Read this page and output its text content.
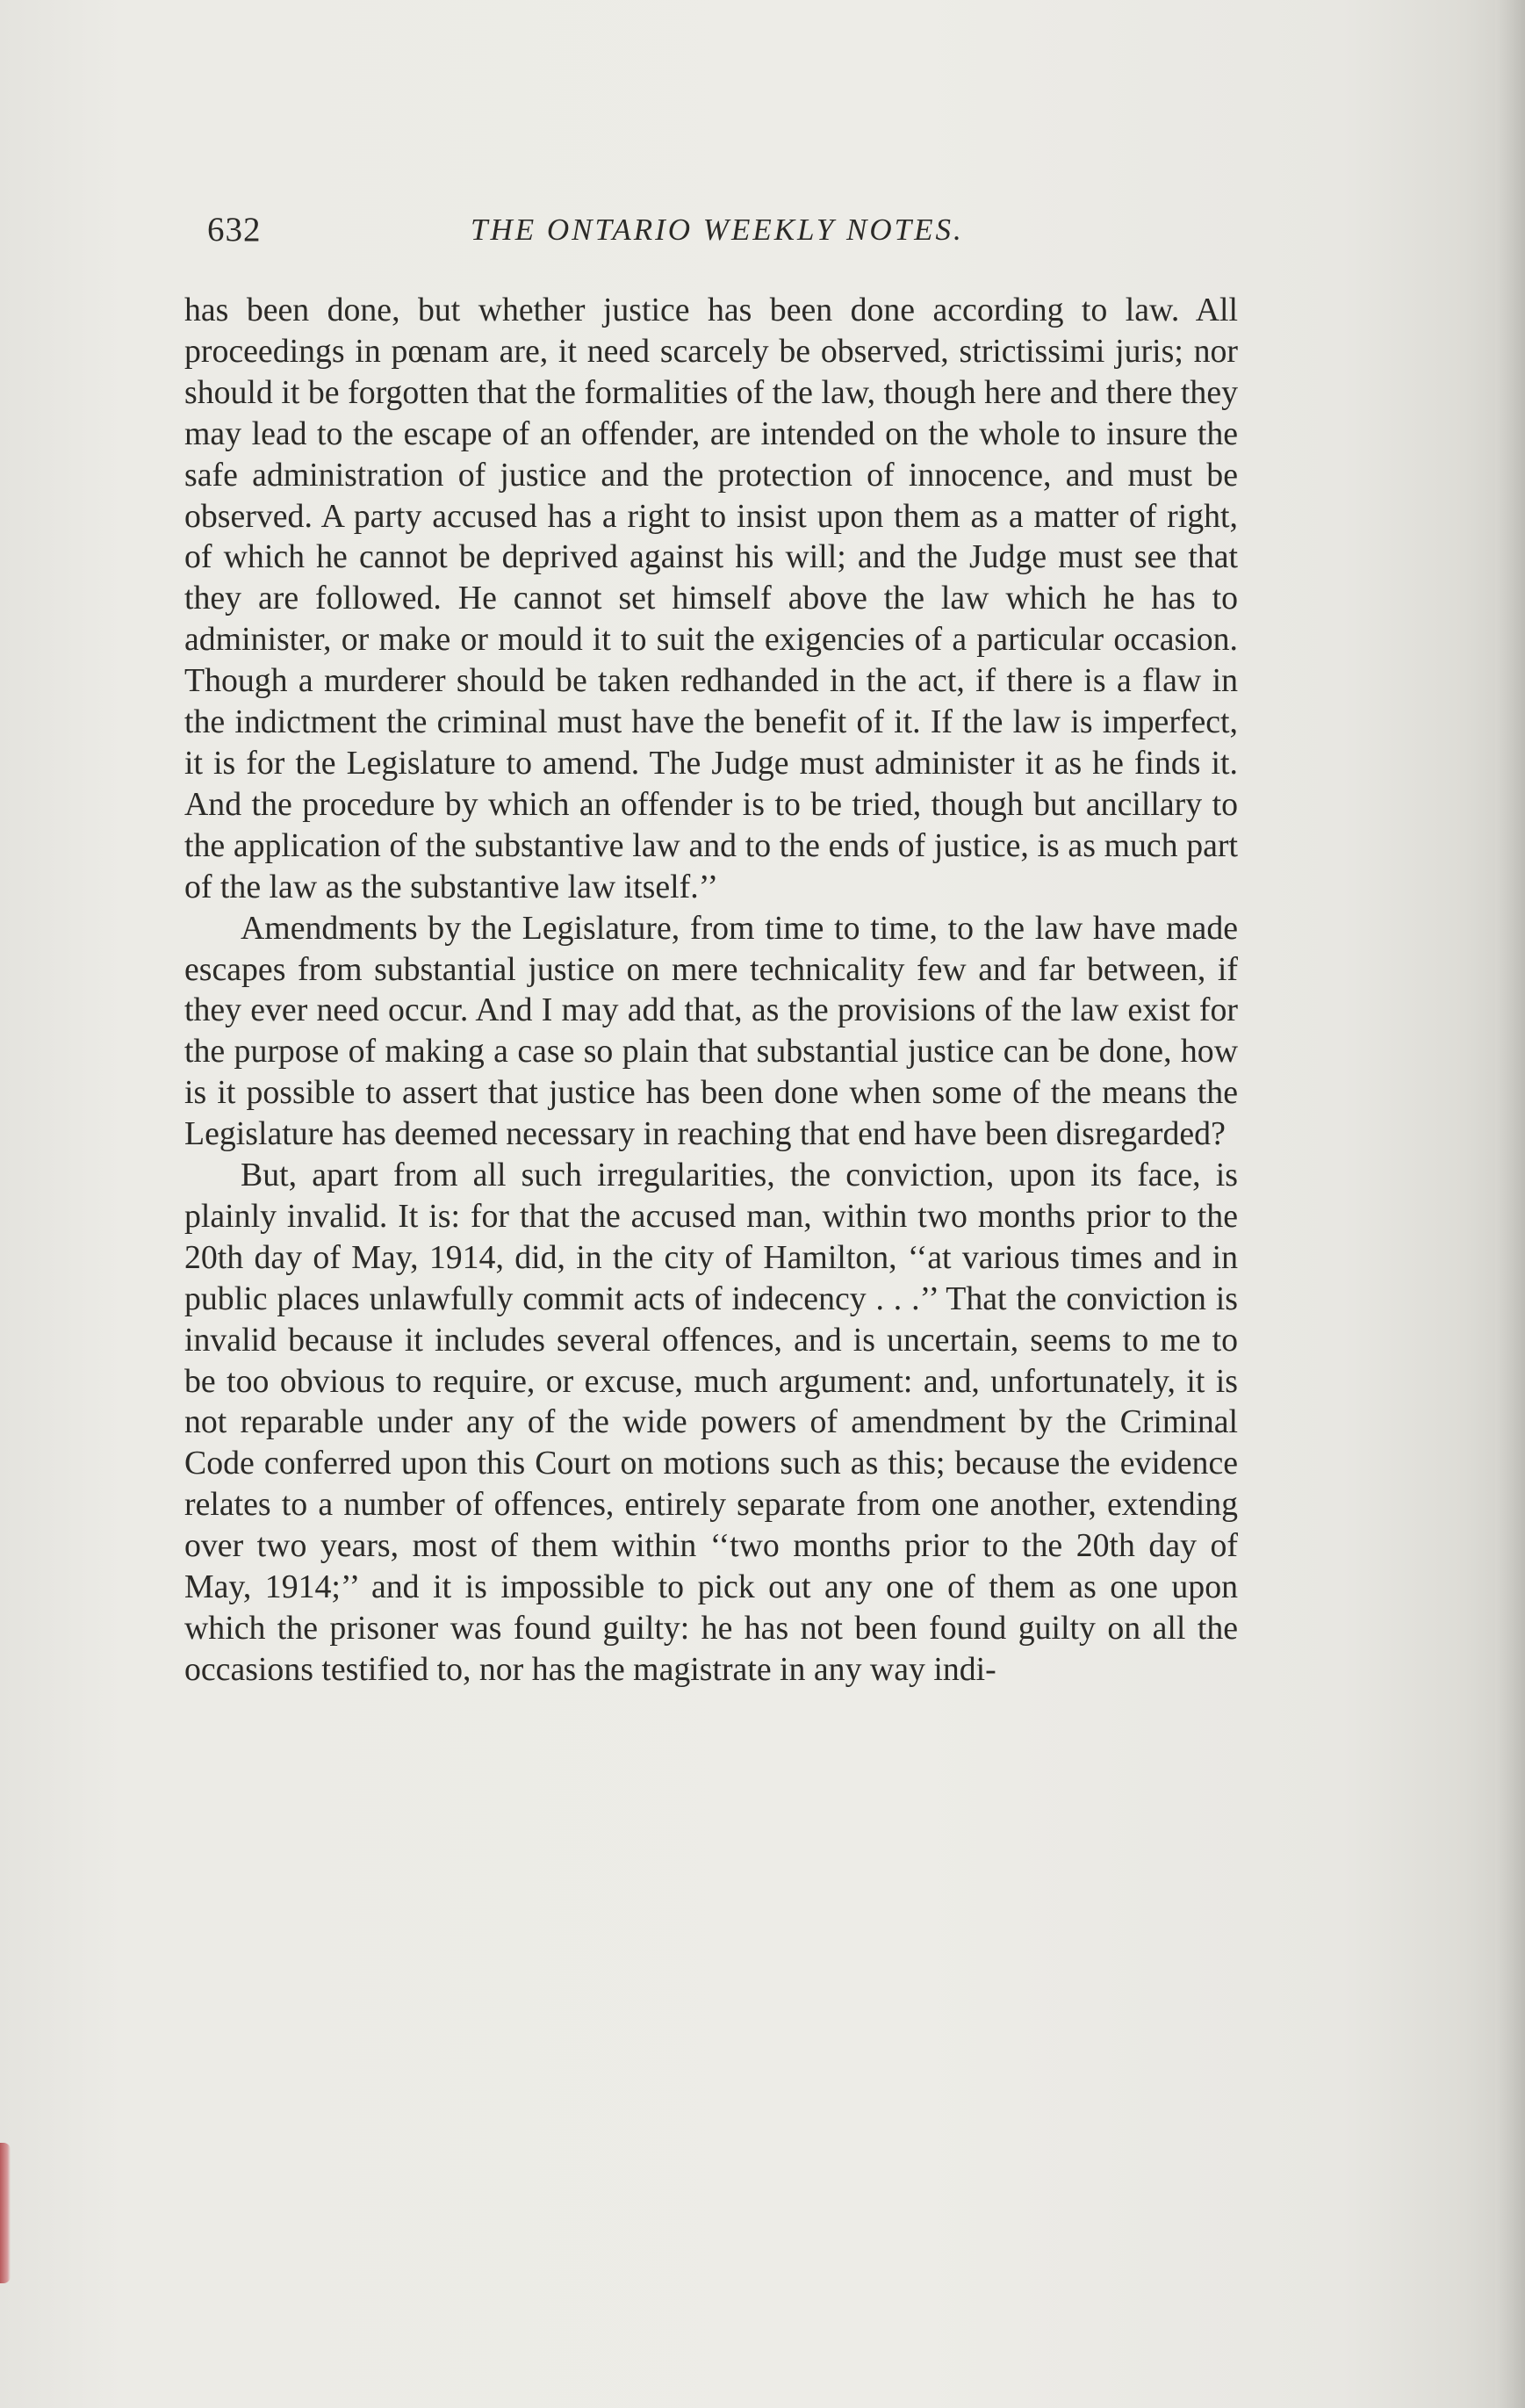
632	THE ONTARIO WEEKLY NOTES.

has been done, but whether justice has been done according to law. All proceedings in pœnam are, it need scarcely be observed, strictissimi juris; nor should it be forgotten that the formalities of the law, though here and there they may lead to the escape of an offender, are intended on the whole to insure the safe administration of justice and the protection of innocence, and must be observed. A party accused has a right to insist upon them as a matter of right, of which he cannot be deprived against his will; and the Judge must see that they are followed. He cannot set himself above the law which he has to administer, or make or mould it to suit the exigencies of a particular occasion. Though a murderer should be taken redhanded in the act, if there is a flaw in the indictment the criminal must have the benefit of it. If the law is imperfect, it is for the Legislature to amend. The Judge must administer it as he finds it. And the procedure by which an offender is to be tried, though but ancillary to the application of the substantive law and to the ends of justice, is as much part of the law as the substantive law itself.’’

Amendments by the Legislature, from time to time, to the law have made escapes from substantial justice on mere technicality few and far between, if they ever need occur. And I may add that, as the provisions of the law exist for the purpose of making a case so plain that substantial justice can be done, how is it possible to assert that justice has been done when some of the means the Legislature has deemed necessary in reaching that end have been disregarded?

But, apart from all such irregularities, the conviction, upon its face, is plainly invalid. It is: for that the accused man, within two months prior to the 20th day of May, 1914, did, in the city of Hamilton, ‘‘at various times and in public places unlawfully commit acts of indecency . . .’’ That the conviction is invalid because it includes several offences, and is uncertain, seems to me to be too obvious to require, or excuse, much argument: and, unfortunately, it is not reparable under any of the wide powers of amendment by the Criminal Code conferred upon this Court on motions such as this; because the evidence relates to a number of offences, entirely separate from one another, extending over two years, most of them within ‘‘two months prior to the 20th day of May, 1914;’’ and it is impossible to pick out any one of them as one upon which the prisoner was found guilty: he has not been found guilty on all the occasions testified to, nor has the magistrate in any way indi-
